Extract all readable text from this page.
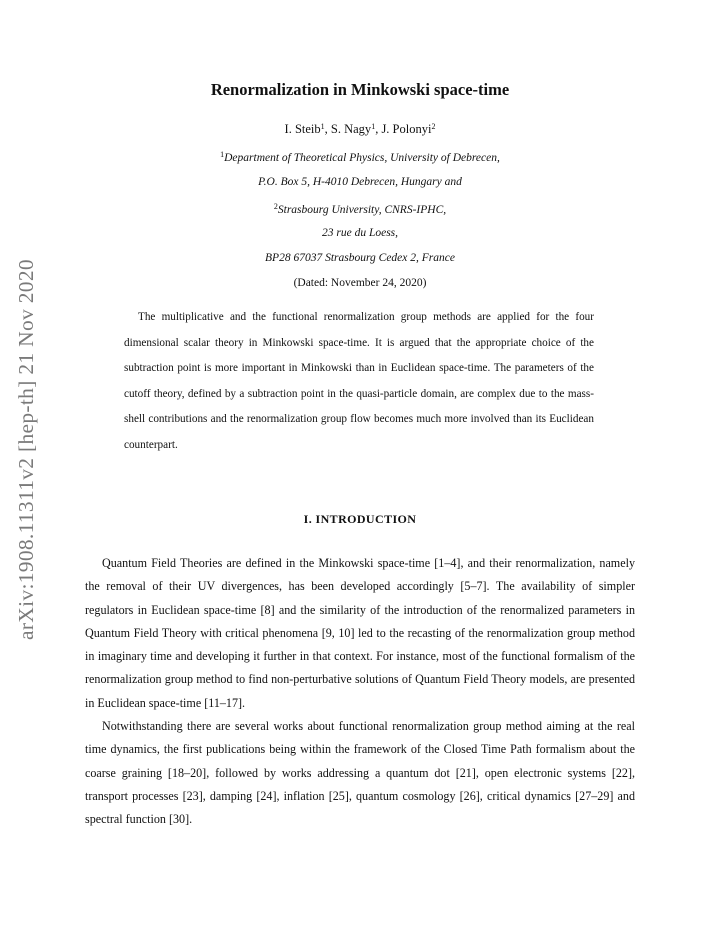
arXiv:1908.11311v2 [hep-th] 21 Nov 2020
Renormalization in Minkowski space-time
I. Steib$^1$, S. Nagy$^1$, J. Polonyi$^2$
$^1$Department of Theoretical Physics, University of Debrecen,
P.O. Box 5, H-4010 Debrecen, Hungary and
$^2$Strasbourg University, CNRS-IPHC,
23 rue du Loess,
BP28 67037 Strasbourg Cedex 2, France
(Dated: November 24, 2020)
The multiplicative and the functional renormalization group methods are applied for the four dimensional scalar theory in Minkowski space-time. It is argued that the appropriate choice of the subtraction point is more important in Minkowski than in Euclidean space-time. The parameters of the cutoff theory, defined by a subtraction point in the quasi-particle domain, are complex due to the mass-shell contributions and the renormalization group flow becomes much more involved than its Euclidean counterpart.
I. INTRODUCTION

Quantum Field Theories are defined in the Minkowski space-time [1–4], and their renormalization, namely the removal of their UV divergences, has been developed accordingly [5–7]. The availability of simpler regulators in Euclidean space-time [8] and the similarity of the introduction of the renormalized parameters in Quantum Field Theory with critical phenomena [9, 10] led to the recasting of the renormalization group method in imaginary time and developing it further in that context. For instance, most of the functional formalism of the renormalization group method to find non-perturbative solutions of Quantum Field Theory models, are presented in Euclidean space-time [11–17].

Notwithstanding there are several works about functional renormalization group method aiming at the real time dynamics, the first publications being within the framework of the Closed Time Path formalism about the coarse graining [18–20], followed by works addressing a quantum dot [21], open electronic systems [22], transport processes [23], damping [24], inflation [25], quantum cosmology [26], critical dynamics [27–29] and spectral function [30].
